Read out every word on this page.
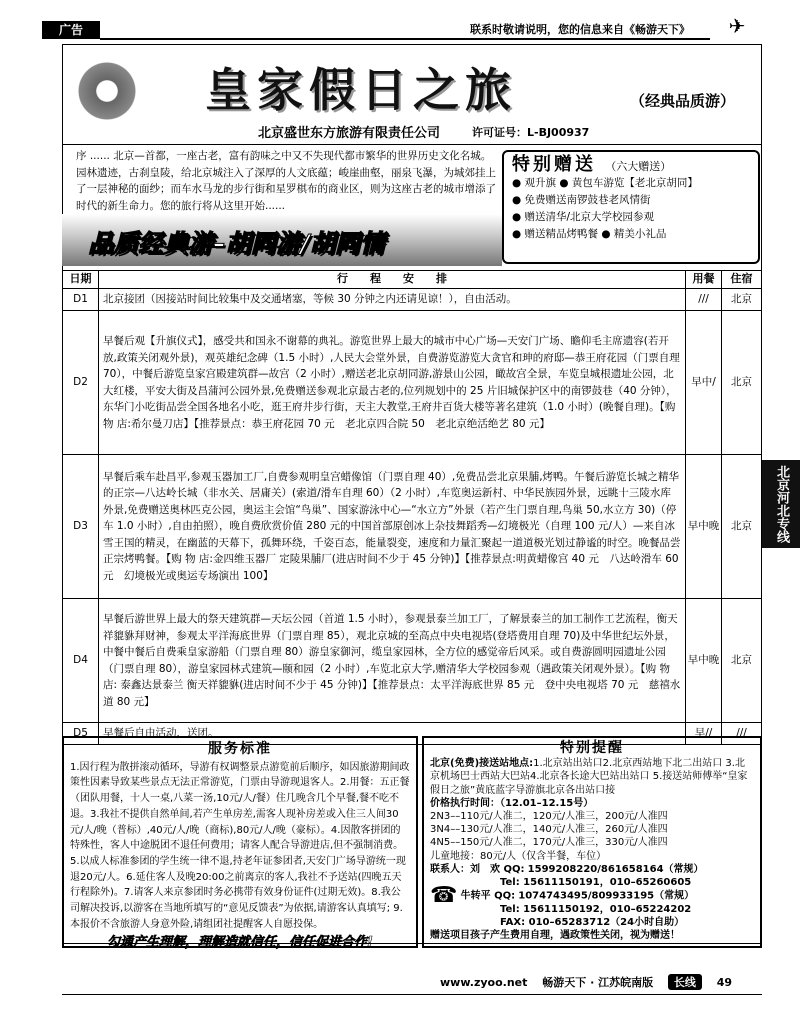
广告	联系时敬请说明，您的信息来自《畅游天下》	✈
皇家假日之旅	（经典品质游）
北京盛世东方旅游有限责任公司	许可证号：L-BJ00937
序 ...... 北京—首都，一座古老，富有韵味之中又不失现代都市繁华的世界历史文化名城。园林遗迹，古刹皇陵，给北京城注入了深厚的人文底蕴；峻崖曲壑，丽泉飞瀑，为城郊挂上了一层神秘的面纱；而车水马龙的步行街和星罗棋布的商业区，则为这座古老的城市增添了时代的新生命力。您的旅行将从这里开始......
品质经典游–胡同游/胡同情
特别赠送 （六大赠送）
● 观升旗 ● 黄包车游览【老北京胡同】
● 免费赠送南锣鼓巷老风情街
● 赠送清华/北京大学校园参观
● 赠送精品烤鸭餐 ● 精美小礼品
日期	行　　程　　安　　排	用餐	住宿
D1	北京接团（因接站时间比较集中及交通堵塞，等候 30 分钟之内还请见谅！），自由活动。	///	北京
D2	早餐后观【升旗仪式】，感受共和国永不谢幕的典礼。游览世界上最大的城市中心广场—天安门广场、瞻仰毛主席遗容(若开放,政策关闭观外景)，观英雄纪念碑（1.5 小时）,人民大会堂外景，自费游览游览大贪官和珅的府邸—恭王府花园（门票自理 70），中餐后游览皇家宫殿建筑群—故宫（2 小时）,赠送老北京胡同游,游景山公园，瞰故宫全景，车览皇城根遗址公园，北大红楼，平安大街及昌蒲河公园外景,免费赠送参观北京最古老的,位列规划中的 25 片旧城保护区中的南锣鼓巷（40 分钟），东华门小吃街品尝全国各地名小吃，逛王府井步行街，天主大教堂,王府井百货大楼等著名建筑（1.0 小时）(晚餐自理)。【购 物 店:希尔曼刀店】【推荐景点：恭王府花园 70 元　老北京四合院 50　老北京绝活绝艺 80 元】	早中/	北京
D3	早餐后乘车赴昌平,参观玉器加工厂,自费参观明皇宫蜡像馆（门票自理 40）,免费品尝北京果脯,烤鸭。午餐后游览长城之精华的正宗—八达岭长城（非水关、居庸关）(索道/滑车自理 60）（2 小时）,车览奥运新村、中华民族园外景，远眺十三陵水库外景,免费赠送奥林匹克公园，奥运主会馆“鸟巢”、国家游泳中心—“水立方”外景（若产生门票自理,鸟巢 50,水立方 30)（停车 1.0 小时）,自由拍照），晚自费欣赏价值 280 元的中国首部原创冰上杂技舞蹈秀—幻境极光（自理 100 元/人）—来自冰雪王国的精灵，在幽蓝的天幕下，孤舞环绕，千姿百态，能量裂变，速度和力量汇聚起一道道极光划过静谧的时空。晚餐品尝正宗烤鸭餐。【购 物 店:金四维玉器厂 定陵果脯厂(进店时间不少于 45 分钟)】【推荐景点:明黄蜡像宫 40 元　八达岭滑车 60 元　幻境极光或奥运专场演出 100】	早中晚	北京
D4	早餐后游世界上最大的祭天建筑群—天坛公园（首道 1.5 小时），参观景泰兰加工厂，了解景泰兰的加工制作工艺流程，衡天祥貔貅拜财神，参观太平洋海底世界（门票自理 85），观北京城的至高点中央电视塔(登塔费用自理 70)及中华世纪坛外景，中餐中餐后自费乘皇家游船（门票自理 80）游皇家御河，缆皇家园林，全方位的感觉帝后风采。或自费游圆明园遗址公园（门票自理 80），游皇家园林式建筑—颐和园（2 小时）,车览北京大学,赠清华大学校园参观（遇政策关闭观外景）。【购 物 店: 泰鑫达景泰兰 衡天祥貔貅(进店时间不少于 45 分钟)】【推荐景点：太平洋海底世界 85 元　登中央电视塔 70 元　慈禧水道 80 元】	早中晚	北京
D5	早餐后自由活动，送团。	早//	///
北京河北专线
服务标准
1.因行程为散拼滚动循环，导游有权调整景点游览前后顺序，如因旅游期间政策性因素导致某些景点无法正常游览，门票由导游现退客人。2.用餐：五正餐（团队用餐，十人一桌,八菜一汤,10元/人/餐）住几晚含几个早餐,餐不吃不退。3.我社不提供自然单间,若产生单房差,需客人现补房差或入住三人间30元/人/晚（普标）,40元/人/晚（商标),80元/人/晚（豪标）。4.因散客拼团的特殊性，客人中途脱团不退任何费用；请客人配合导游进店,但不强制消费。5.以成人标准参团的学生统一律不退,持老年证参团者,天安门广场导游统一现退20元/人。6.延住客人及晚20:00之前离京的客人,我社不予送站(四晚五天行程除外)。7.请客人来京参团时务必携带有效身份证件(过期无效)。8.我公司解决投诉,以游客在当地所填写的“意见反馈表”为依据,请游客认真填写; 9.本报价不含旅游人身意外险,请组团社提醒客人自愿投保。
勾通产生理解，理解造就信任，信任促进合作!
特别提醒
北京(免费)接送站地点:1.北京站出站口2.北京西站地下北二出站口 3.北京机场巴士西站大巴站4.北京各长途大巴站出站口 5.接送站师傅举“皇家假日之旅”黄底蓝字导游旗北京各出站口接
价格执行时间：（12.01–12.15号）
2N3––110元/人准二，120元/人准三，200元/人准四
3N4––130元/人准二，140元/人准三，260元/人准四
4N5––150元/人准二，170元/人准三，330元/人准四
儿童地接：80元/人（仅含半餐，车位）
联系人：刘　欢 QQ: 1599208220/861658164（常规）
Tel: 15611150191，010–65260605
☎ 牛转平 QQ: 1074743495/809933195（常规）
Tel: 15611150192，010–65224202
FAX: 010–65283712（24小时自助）
赠送项目孩子产生费用自理，遇政策性关闭，视为赠送！
www.zyoo.net　 畅游天下 · 江苏皖南版　 长线　 49
